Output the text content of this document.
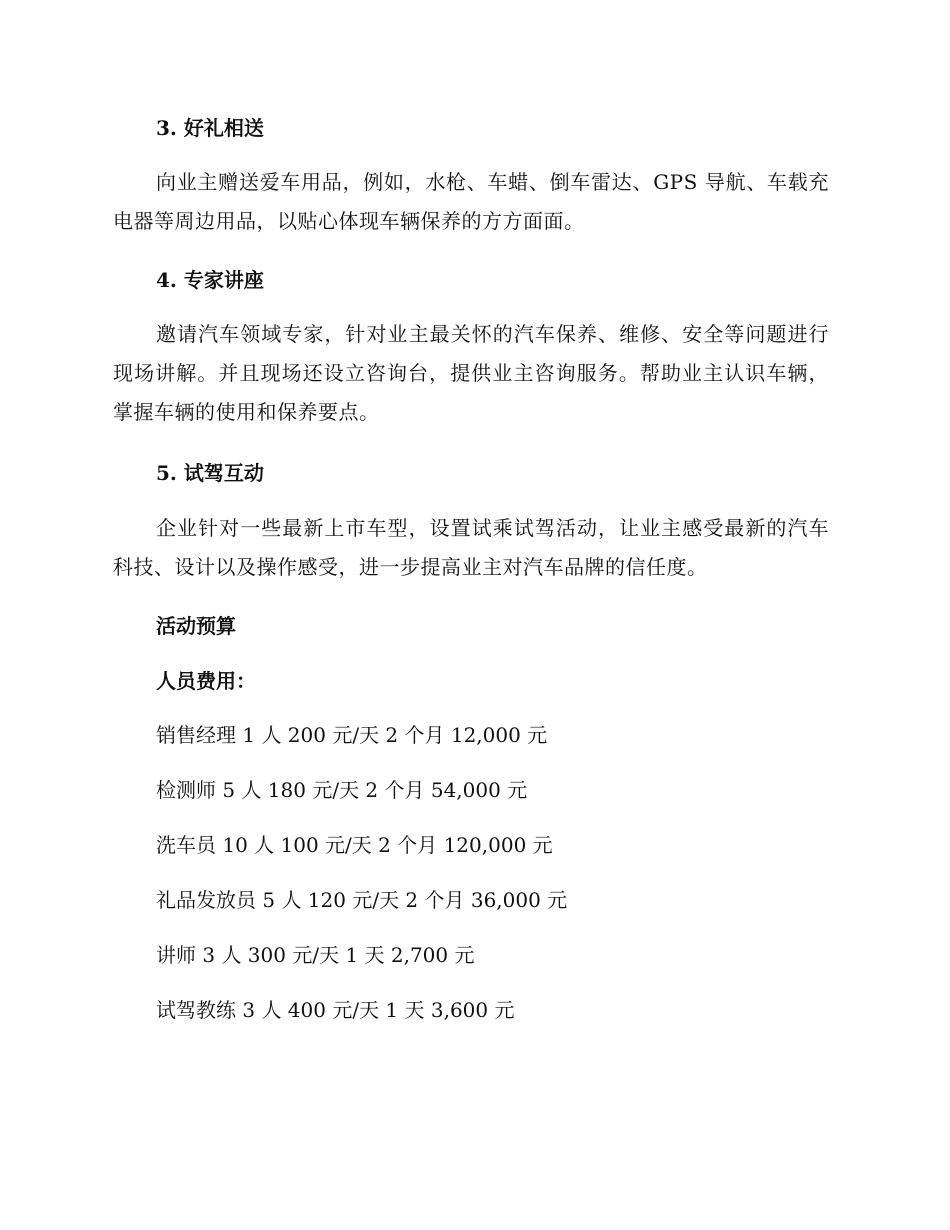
3. 好礼相送

向业主赠送爱车用品，例如，水枪、车蜡、倒车雷达、GPS 导航、车载充电器等周边用品，以贴心体现车辆保养的方方面面。

4. 专家讲座

邀请汽车领域专家，针对业主最关怀的汽车保养、维修、安全等问题进行现场讲解。并且现场还设立咨询台，提供业主咨询服务。帮助业主认识车辆，掌握车辆的使用和保养要点。

5. 试驾互动

企业针对一些最新上市车型，设置试乘试驾活动，让业主感受最新的汽车科技、设计以及操作感受，进一步提高业主对汽车品牌的信任度。

活动预算
人员费用：
销售经理 1 人 200 元/天 2 个月 12,000 元
检测师 5 人 180 元/天 2 个月 54,000 元
洗车员 10 人 100 元/天 2 个月 120,000 元
礼品发放员 5 人 120 元/天 2 个月 36,000 元
讲师 3 人 300 元/天 1 天 2,700 元
试驾教练 3 人 400 元/天 1 天 3,600 元
